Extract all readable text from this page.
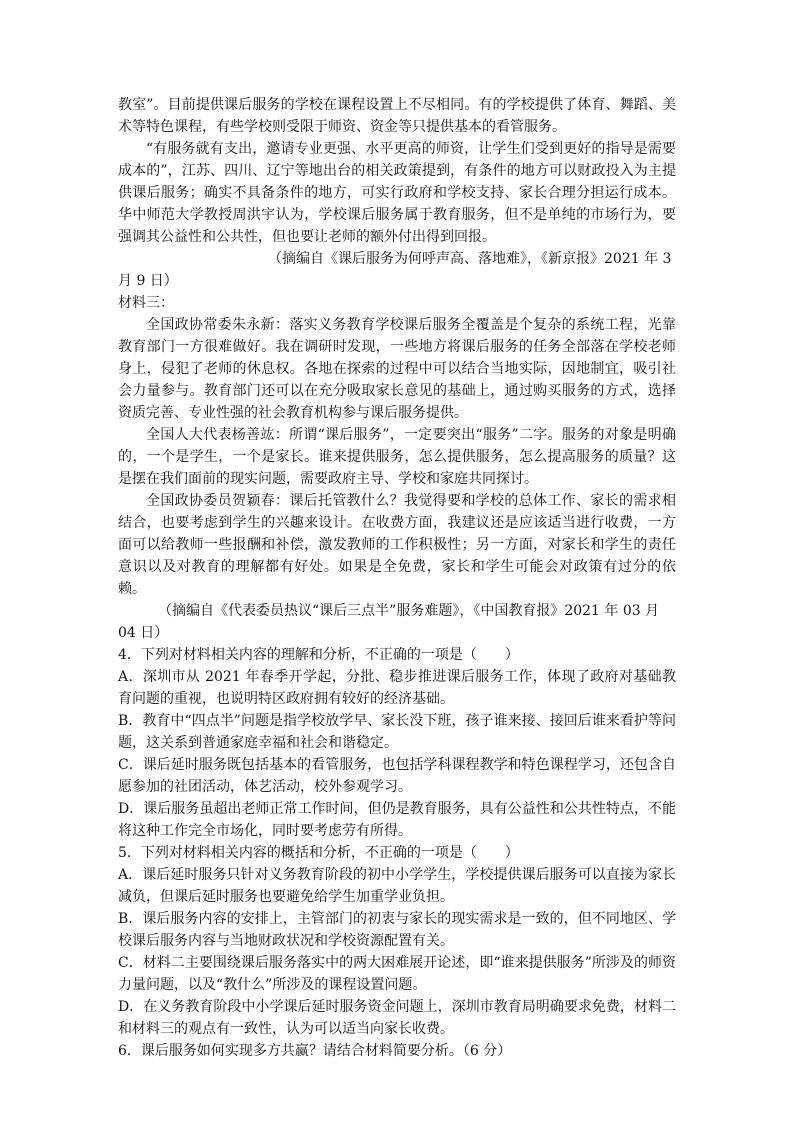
教室”。目前提供课后服务的学校在课程设置上不尽相同。有的学校提供了体育、舞蹈、美术等特色课程，有些学校则受限于师资、资金等只提供基本的看管服务。

“有服务就有支出，邀请专业更强、水平更高的师资，让学生们受到更好的指导是需要成本的”，江苏、四川、辽宁等地出台的相关政策提到，有条件的地方可以财政投入为主提供课后服务；确实不具备条件的地方，可实行政府和学校支持、家长合理分担运行成本。华中师范大学教授周洪宇认为，学校课后服务属于教育服务，但不是单纯的市场行为，要强调其公益性和公共性，但也要让老师的额外付出得到回报。

（摘编自《课后服务为何呼声高、落地难》，《新京报》2021 年 3 月 9 日）

材料三：

全国政协常委朱永新：落实义务教育学校课后服务全覆盖是个复杂的系统工程，光靠教育部门一方很难做好。我在调研时发现，一些地方将课后服务的任务全部落在学校老师身上，侵犯了老师的休息权。各地在探索的过程中可以结合当地实际，因地制宜，吸引社会力量参与。教育部门还可以在充分吸取家长意见的基础上，通过购买服务的方式，选择资质完善、专业性强的社会教育机构参与课后服务提供。

全国人大代表杨善竑：所谓“课后服务”，一定要突出“服务”二字。服务的对象是明确的，一个是学生，一个是家长。谁来提供服务，怎么提供服务，怎么提高服务的质量？这是摆在我们面前的现实问题，需要政府主导、学校和家庭共同探讨。

全国政协委员贺颖春：课后托管教什么？我觉得要和学校的总体工作、家长的需求相结合，也要考虑到学生的兴趣来设计。在收费方面，我建议还是应该适当进行收费，一方面可以给教师一些报酬和补偿，激发教师的工作积极性；另一方面，对家长和学生的责任意识以及对教育的理解都有好处。如果是全免费，家长和学生可能会对政策有过分的依赖。

（摘编自《代表委员热议“课后三点半”服务难题》，《中国教育报》2021 年 03 月 04 日）

4．下列对材料相关内容的理解和分析，不正确的一项是（　　）

A．深圳市从 2021 年春季开学起，分批、稳步推进课后服务工作，体现了政府对基础教育问题的重视，也说明特区政府拥有较好的经济基础。

B．教育中“四点半”问题是指学校放学早、家长没下班，孩子谁来接、接回后谁来看护等问题，这关系到普通家庭幸福和社会和谐稳定。

C．课后延时服务既包括基本的看管服务，也包括学科课程教学和特色课程学习，还包含自愿参加的社团活动，体艺活动，校外参观学习。

D．课后服务虽超出老师正常工作时间，但仍是教育服务，具有公益性和公共性特点，不能将这种工作完全市场化，同时要考虑劳有所得。

5．下列对材料相关内容的概括和分析，不正确的一项是（　　）

A．课后延时服务只针对义务教育阶段的初中小学学生，学校提供课后服务可以直接为家长减负，但课后延时服务也要避免给学生加重学业负担。

B．课后服务内容的安排上，主管部门的初衷与家长的现实需求是一致的，但不同地区、学校课后服务内容与当地财政状况和学校资源配置有关。

C．材料二主要围绕课后服务落实中的两大困难展开论述，即“谁来提供服务”所涉及的师资力量问题，以及“教什么”所涉及的课程设置问题。

D．在义务教育阶段中小学课后延时服务资金问题上，深圳市教育局明确要求免费，材料二和材料三的观点有一致性，认为可以适当向家长收费。

6．课后服务如何实现多方共赢？请结合材料简要分析。（6 分）
